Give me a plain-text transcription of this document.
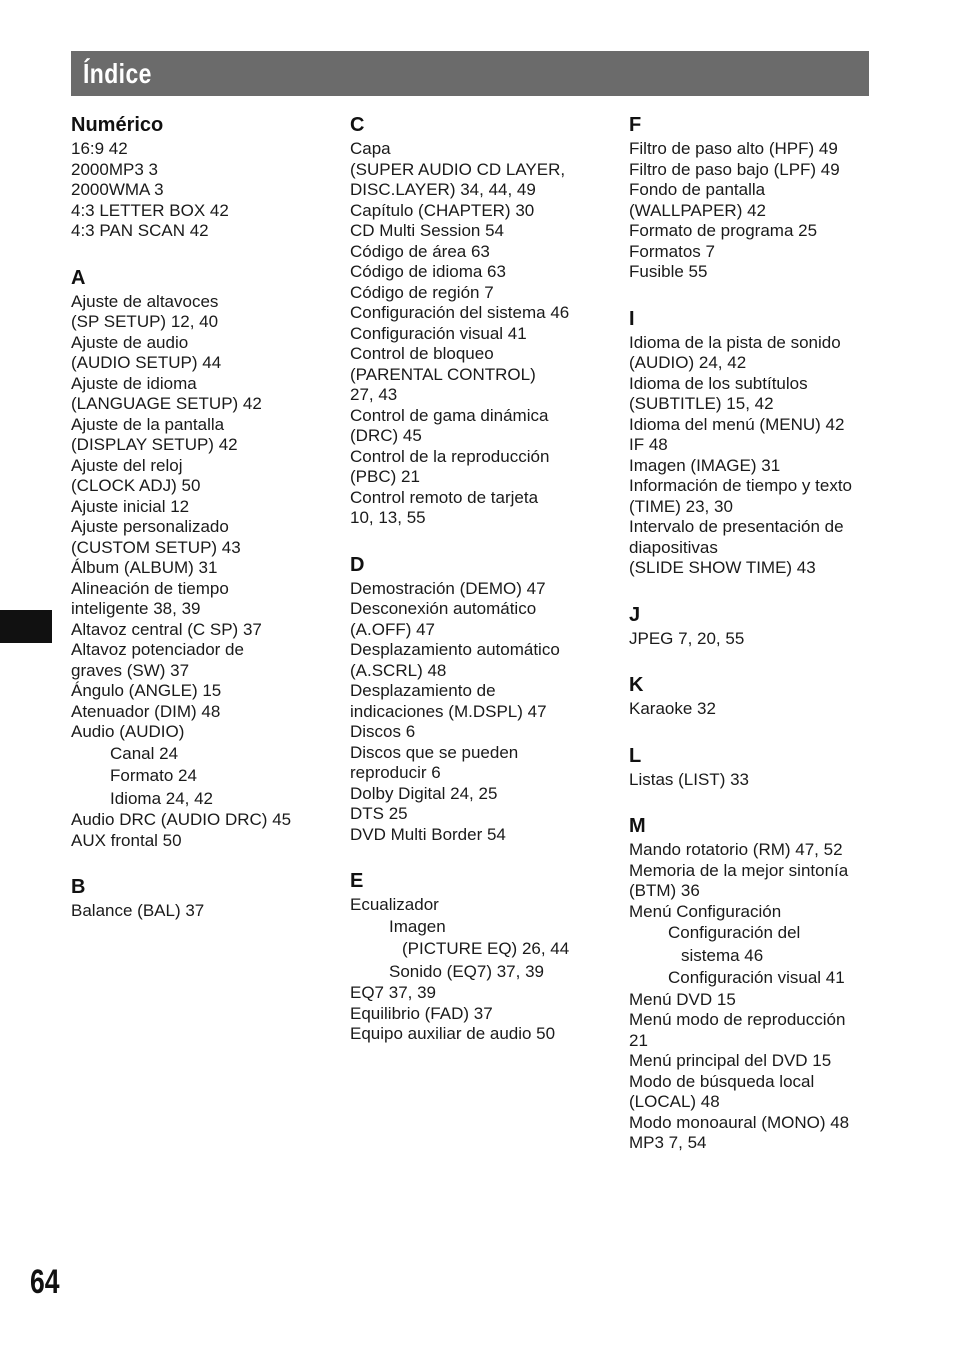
Índice
Numérico
16:9 42
2000MP3 3
2000WMA 3
4:3 LETTER BOX 42
4:3 PAN SCAN 42
A
Ajuste de altavoces
(SP SETUP) 12, 40
Ajuste de audio
(AUDIO SETUP) 44
Ajuste de idioma
(LANGUAGE SETUP) 42
Ajuste de la pantalla
(DISPLAY SETUP) 42
Ajuste del reloj
(CLOCK ADJ) 50
Ajuste inicial 12
Ajuste personalizado
(CUSTOM SETUP) 43
Álbum (ALBUM) 31
Alineación de tiempo
inteligente 38, 39
Altavoz central (C SP) 37
Altavoz potenciador de
graves (SW) 37
Ángulo (ANGLE) 15
Atenuador (DIM) 48
Audio (AUDIO)
Canal 24
Formato 24
Idioma 24, 42
Audio DRC (AUDIO DRC) 45
AUX frontal 50
B
Balance (BAL) 37
C
Capa
(SUPER AUDIO CD LAYER,
DISC.LAYER) 34, 44, 49
Capítulo (CHAPTER) 30
CD Multi Session 54
Código de área 63
Código de idioma 63
Código de región 7
Configuración del sistema 46
Configuración visual 41
Control de bloqueo
(PARENTAL CONTROL)
27, 43
Control de gama dinámica
(DRC) 45
Control de la reproducción
(PBC) 21
Control remoto de tarjeta
10, 13, 55
D
Demostración (DEMO) 47
Desconexión automático
(A.OFF) 47
Desplazamiento automático
(A.SCRL) 48
Desplazamiento de
indicaciones (M.DSPL) 47
Discos 6
Discos que se pueden
reproducir 6
Dolby Digital 24, 25
DTS 25
DVD Multi Border 54
E
Ecualizador
Imagen
(PICTURE EQ) 26, 44
Sonido (EQ7) 37, 39
EQ7 37, 39
Equilibrio (FAD) 37
Equipo auxiliar de audio 50
F
Filtro de paso alto (HPF) 49
Filtro de paso bajo (LPF) 49
Fondo de pantalla
(WALLPAPER) 42
Formato de programa 25
Formatos 7
Fusible 55
I
Idioma de la pista de sonido
(AUDIO) 24, 42
Idioma de los subtítulos
(SUBTITLE) 15, 42
Idioma del menú (MENU) 42
IF 48
Imagen (IMAGE) 31
Información de tiempo y texto
(TIME) 23, 30
Intervalo de presentación de
diapositivas
(SLIDE SHOW TIME) 43
J
JPEG 7, 20, 55
K
Karaoke 32
L
Listas (LIST) 33
M
Mando rotatorio (RM) 47, 52
Memoria de la mejor sintonía
(BTM) 36
Menú Configuración
Configuración del
sistema 46
Configuración visual 41
Menú DVD 15
Menú modo de reproducción
21
Menú principal del DVD 15
Modo de búsqueda local
(LOCAL) 48
Modo monoaural (MONO) 48
MP3 7, 54
64
